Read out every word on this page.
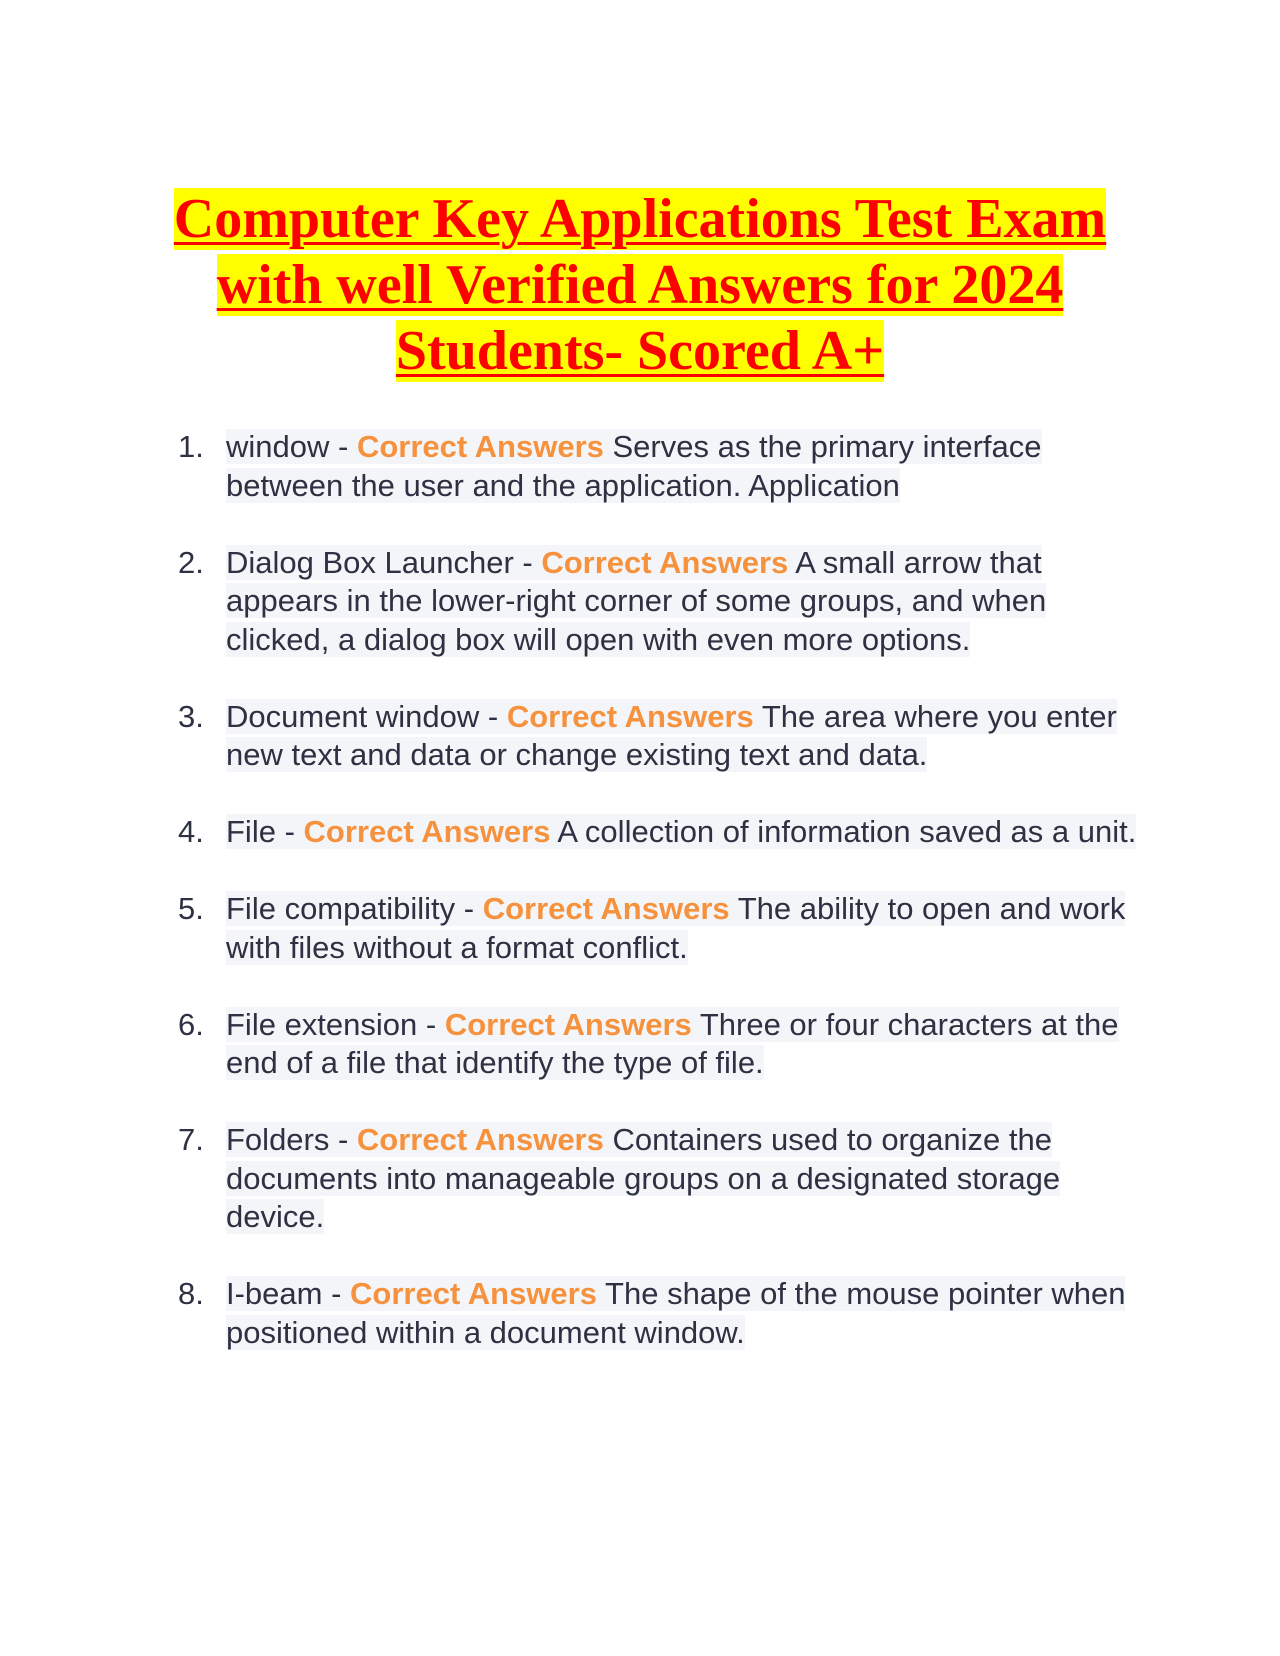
Computer Key Applications Test Exam
with well Verified Answers for 2024
Students- Scored A+
1. window - Correct Answers Serves as the primary interface between the user and the application. Application
2. Dialog Box Launcher - Correct Answers A small arrow that appears in the lower-right corner of some groups, and when clicked, a dialog box will open with even more options.
3. Document window - Correct Answers The area where you enter new text and data or change existing text and data.
4. File - Correct Answers A collection of information saved as a unit.
5. File compatibility - Correct Answers The ability to open and work with files without a format conflict.
6. File extension - Correct Answers Three or four characters at the end of a file that identify the type of file.
7. Folders - Correct Answers Containers used to organize the documents into manageable groups on a designated storage device.
8. I-beam - Correct Answers The shape of the mouse pointer when positioned within a document window.
